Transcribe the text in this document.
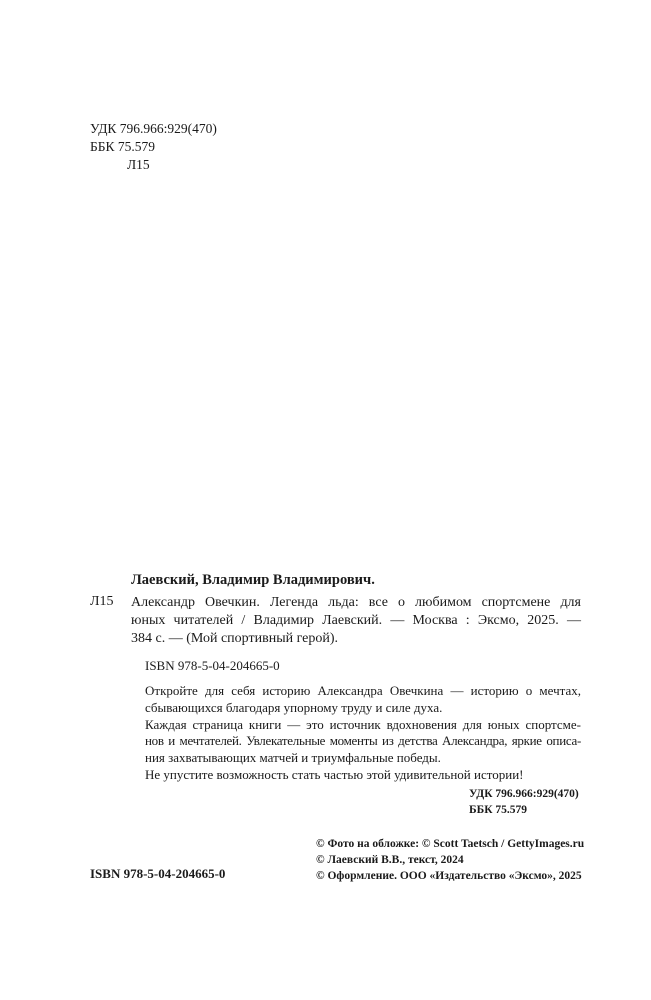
УДК 796.966:929(470)
ББК 75.579
Л15
Лаевский, Владимир Владимирович.
Л15 Александр Овечкин. Легенда льда: все о любимом спортсмене для
юных читателей / Владимир Лаевский. — Москва : Эксмо, 2025. —
384 с. — (Мой спортивный герой).
ISBN 978-5-04-204665-0
Откройте для себя историю Александра Овечкина — историю о мечтах,
сбывающихся благодаря упорному труду и силе духа.
Каждая страница книги — это источник вдохновения для юных спортсме-
нов и мечтателей. Увлекательные моменты из детства Александра, яркие описа-
ния захватывающих матчей и триумфальные победы.
Не упустите возможность стать частью этой удивительной истории!
УДК 796.966:929(470)
ББК 75.579
© Фото на обложке: © Scott Taetsch / GettyImages.ru
© Лаевский В.В., текст, 2024
© Оформление. ООО «Издательство «Эксмо», 2025
ISBN 978-5-04-204665-0
